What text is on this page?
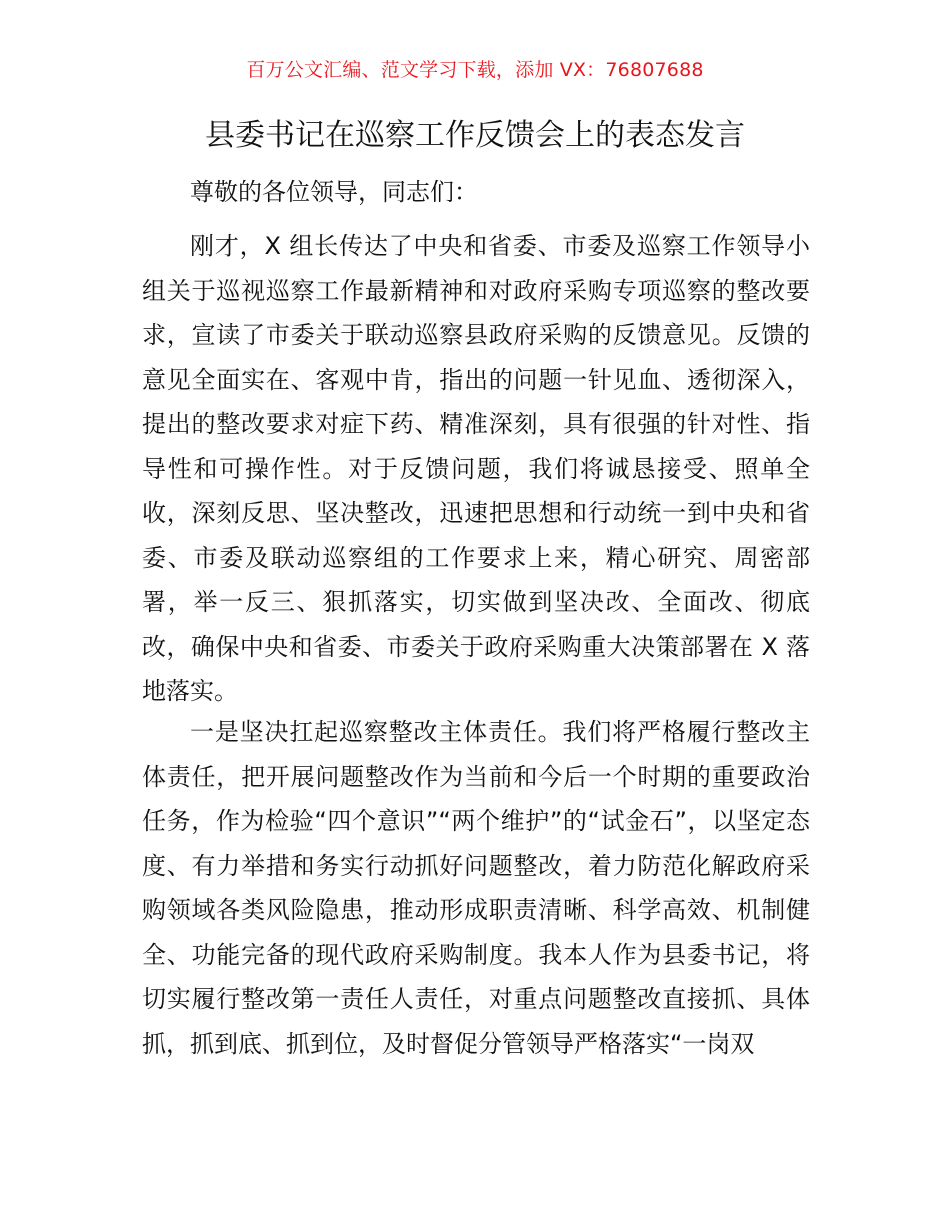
百万公文汇编、范文学习下载，添加 VX：76807688
县委书记在巡察工作反馈会上的表态发言
尊敬的各位领导，同志们：

刚才，X 组长传达了中央和省委、市委及巡察工作领导小组关于巡视巡察工作最新精神和对政府采购专项巡察的整改要求，宣读了市委关于联动巡察县政府采购的反馈意见。反馈的意见全面实在、客观中肯，指出的问题一针见血、透彻深入，提出的整改要求对症下药、精准深刻，具有很强的针对性、指导性和可操作性。对于反馈问题，我们将诚恳接受、照单全收，深刻反思、坚决整改，迅速把思想和行动统一到中央和省委、市委及联动巡察组的工作要求上来，精心研究、周密部署，举一反三、狠抓落实，切实做到坚决改、全面改、彻底改，确保中央和省委、市委关于政府采购重大决策部署在 X 落地落实。

一是坚决扛起巡察整改主体责任。我们将严格履行整改主体责任，把开展问题整改作为当前和今后一个时期的重要政治任务，作为检验“四个意识”“两个维护”的“试金石”，以坚定态度、有力举措和务实行动抓好问题整改，着力防范化解政府采购领域各类风险隐患，推动形成职责清晰、科学高效、机制健全、功能完备的现代政府采购制度。我本人作为县委书记，将切实履行整改第一责任人责任，对重点问题整改直接抓、具体抓，抓到底、抓到位，及时督促分管领导严格落实“一岗双
